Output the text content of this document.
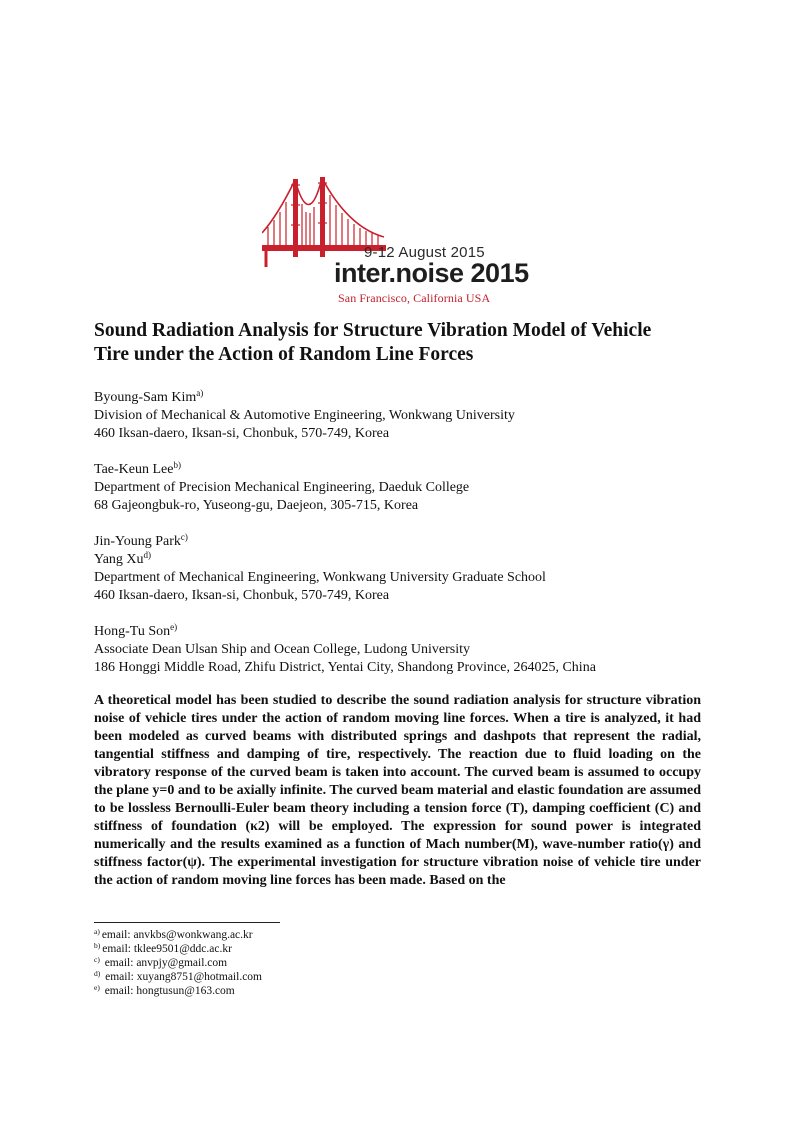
9-12 August 2015
inter.noise 2015
San Francisco, California USA
Sound Radiation Analysis for Structure Vibration Model of Vehicle
Tire under the Action of Random Line Forces
Byoung-Sam Kim$^{a)}$
Division of Mechanical & Automotive Engineering, Wonkwang University
460 Iksan-daero, Iksan-si, Chonbuk, 570-749, Korea
Tae-Keun Lee$^{b)}$
Department of Precision Mechanical Engineering, Daeduk College
68 Gajeongbuk-ro, Yuseong-gu, Daejeon, 305-715, Korea
Jin-Young Park$^{c)}$
Yang Xu$^{d)}$
Department of Mechanical Engineering, Wonkwang University Graduate School
460 Iksan-daero, Iksan-si, Chonbuk, 570-749, Korea
Hong-Tu Son$^{e)}$
Associate Dean Ulsan Ship and Ocean College, Ludong University
186 Honggi Middle Road, Zhifu District, Yentai City, Shandong Province, 264025, China

A theoretical model has been studied to describe the sound radiation analysis for structure vibration noise of vehicle tires under the action of random moving line forces. When a tire is analyzed, it had been modeled as curved beams with distributed springs and dashpots that represent the radial, tangential stiffness and damping of tire, respectively. The reaction due to fluid loading on the vibratory response of the curved beam is taken into account. The curved beam is assumed to occupy the plane y=0 and to be axially infinite. The curved beam material and elastic foundation are assumed to be lossless Bernoulli-Euler beam theory including a tension force (T), damping coefficient (C) and stiffness of foundation (κ2) will be employed. The expression for sound power is integrated numerically and the results examined as a function of Mach number(M), wave-number ratio(γ) and stiffness factor(ψ). The experimental investigation for structure vibration noise of vehicle tire under the action of random moving line forces has been made. Based on the

$^{a)}$ email: anvkbs@wonkwang.ac.kr
$^{b)}$ email: tklee9501@ddc.ac.kr
$^{c)}$ email: anvpjy@gmail.com
$^{d)}$ email: xuyang8751@hotmail.com
$^{e)}$ email: hongtusun@163.com
